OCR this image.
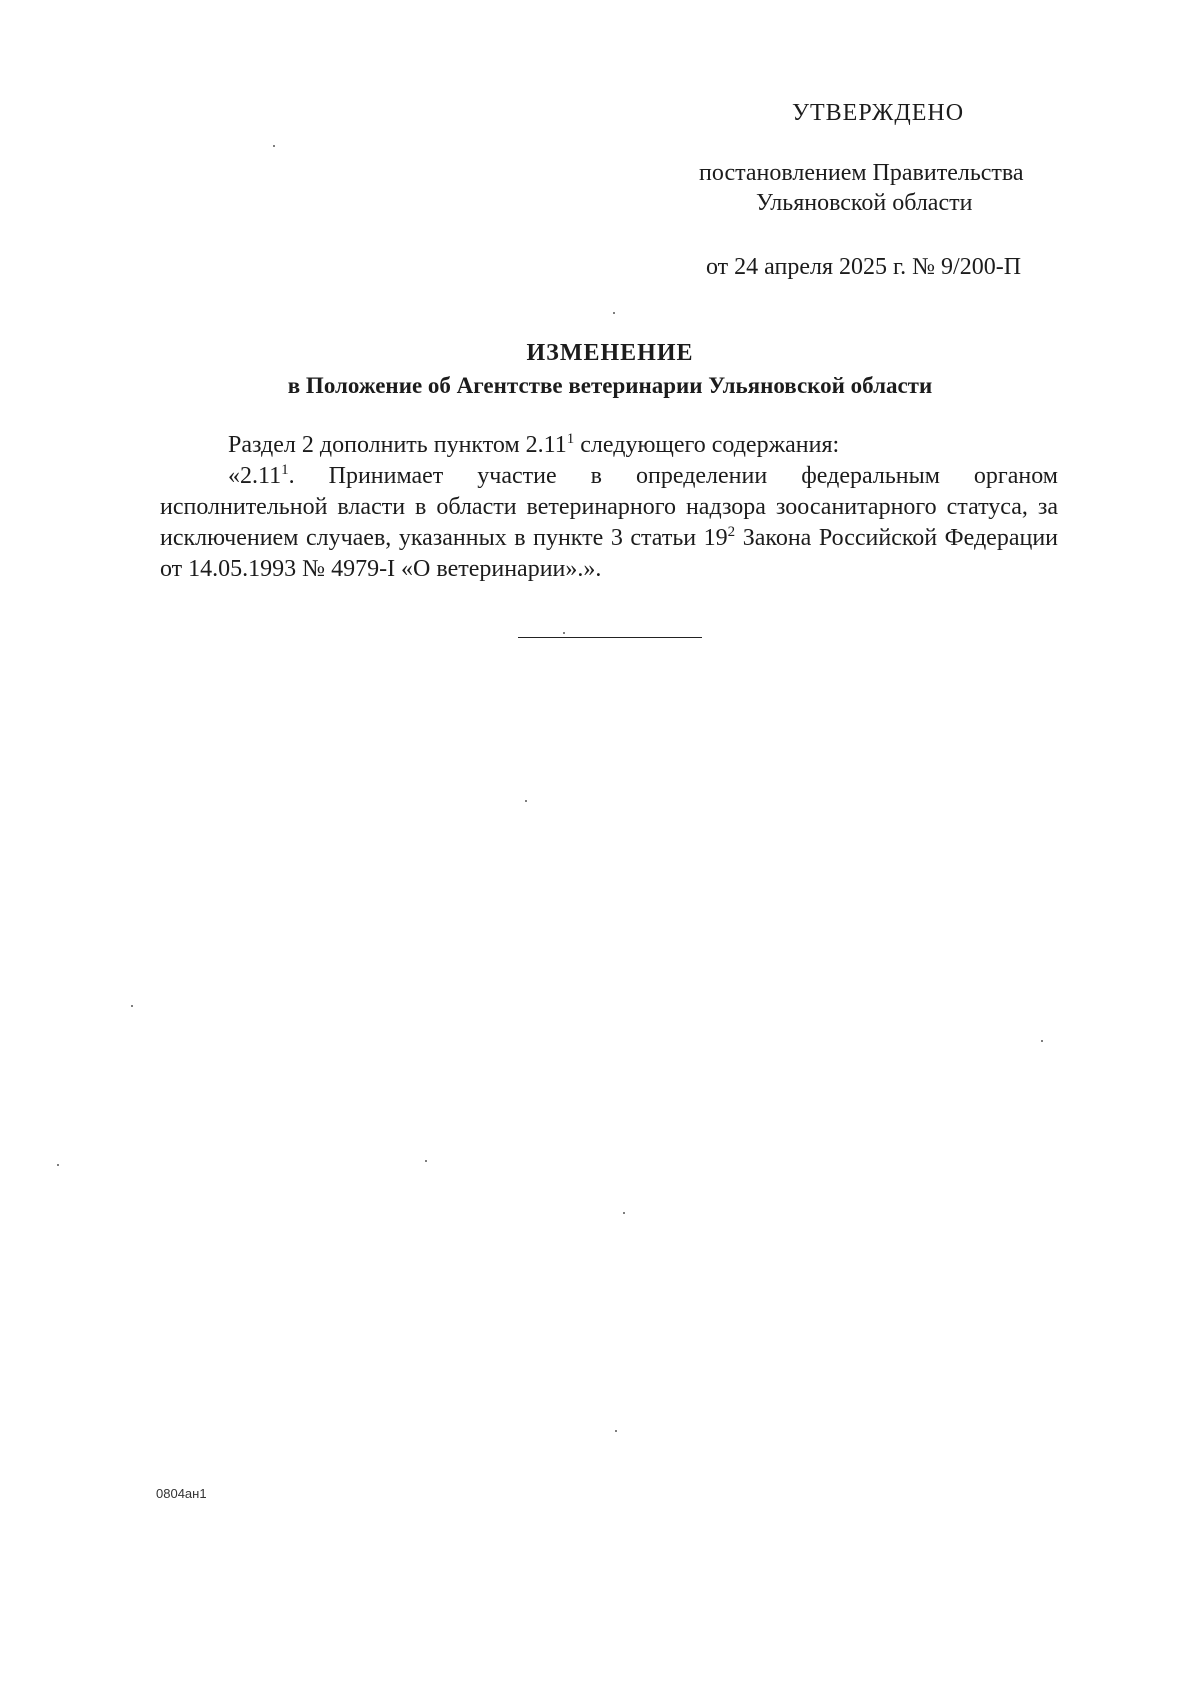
УТВЕРЖДЕНО
постановлением Правительства
Ульяновской области
от 24 апреля 2025 г. № 9/200-П
ИЗМЕНЕНИЕ
в Положение об Агентстве ветеринарии Ульяновской области

Раздел 2 дополнить пунктом 2.11$^1$ следующего содержания:

«2.11$^1$. Принимает участие в определении федеральным органом исполнительной власти в области ветеринарного надзора зоосанитарного статуса, за исключением случаев, указанных в пункте 3 статьи $19^2$ Закона Российской Федерации от 14.05.1993 № 4979-I «О ветеринарии».».

0804ан1
